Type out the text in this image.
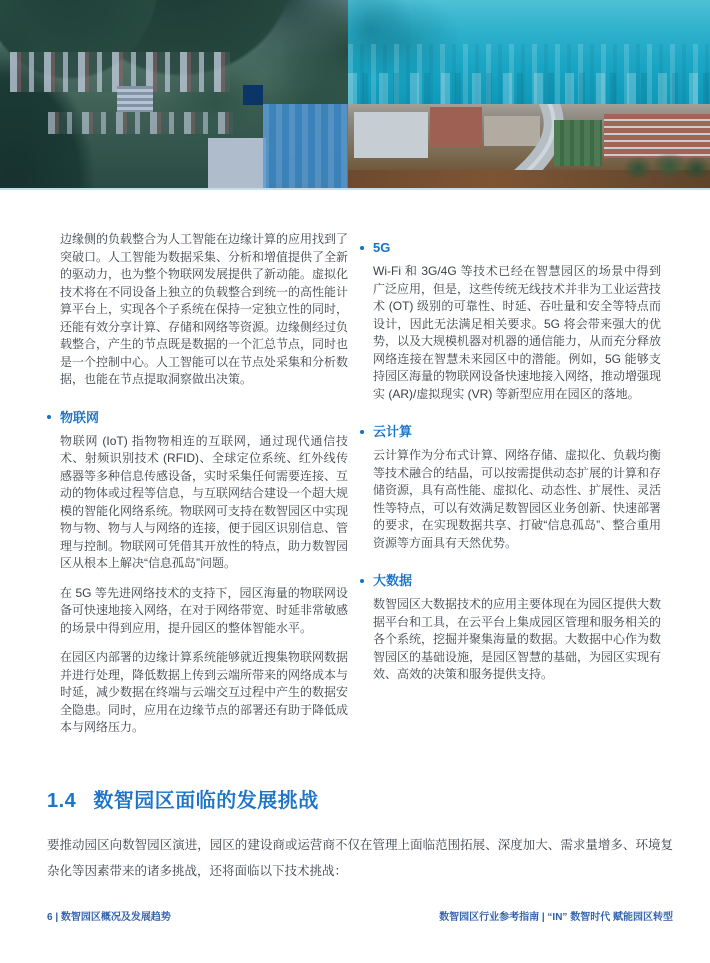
边缘侧的负载整合为人工智能在边缘计算的应用找到了突破口。人工智能为数据采集、分析和增值提供了全新的驱动力，也为整个物联网发展提供了新动能。虚拟化技术将在不同设备上独立的负载整合到统一的高性能计算平台上，实现各个子系统在保持一定独立性的同时，还能有效分享计算、存储和网络等资源。边缘侧经过负载整合，产生的节点既是数据的一个汇总节点，同时也是一个控制中心。人工智能可以在节点处采集和分析数据，也能在节点提取洞察做出决策。

物联网

物联网 (IoT) 指物物相连的互联网，通过现代通信技术、射频识别技术 (RFID)、全球定位系统、红外线传感器等多种信息传感设备，实时采集任何需要连接、互动的物体或过程等信息，与互联网结合建设一个超大规模的智能化网络系统。物联网可支持在数智园区中实现物与物、物与人与网络的连接，便于园区识别信息、管理与控制。物联网可凭借其开放性的特点，助力数智园区从根本上解决“信息孤岛”问题。

在 5G 等先进网络技术的支持下，园区海量的物联网设备可快速地接入网络，在对于网络带宽、时延非常敏感的场景中得到应用，提升园区的整体智能水平。

在园区内部署的边缘计算系统能够就近搜集物联网数据并进行处理，降低数据上传到云端所带来的网络成本与时延，减少数据在终端与云端交互过程中产生的数据安全隐患。同时，应用在边缘节点的部署还有助于降低成本与网络压力。

5G

Wi-Fi 和 3G/4G 等技术已经在智慧园区的场景中得到广泛应用，但是，这些传统无线技术并非为工业运营技术 (OT) 级别的可靠性、时延、吞吐量和安全等特点而设计，因此无法满足相关要求。5G 将会带来强大的优势，以及大规模机器对机器的通信能力，从而充分释放网络连接在智慧未来园区中的潜能。例如，5G 能够支持园区海量的物联网设备快速地接入网络，推动增强现实 (AR)/虚拟现实 (VR) 等新型应用在园区的落地。

云计算

云计算作为分布式计算、网络存储、虚拟化、负载均衡等技术融合的结晶，可以按需提供动态扩展的计算和存储资源，具有高性能、虚拟化、动态性、扩展性、灵活性等特点，可以有效满足数智园区业务创新、快速部署的要求，在实现数据共享、打破“信息孤岛”、整合重用资源等方面具有天然优势。

大数据

数智园区大数据技术的应用主要体现在为园区提供大数据平台和工具，在云平台上集成园区管理和服务相关的各个系统，挖掘并聚集海量的数据。大数据中心作为数智园区的基础设施，是园区智慧的基础，为园区实现有效、高效的决策和服务提供支持。

1.4 数智园区面临的发展挑战

要推动园区向数智园区演进，园区的建设商或运营商不仅在管理上面临范围拓展、深度加大、需求量增多、环境复杂化等因素带来的诸多挑战，还将面临以下技术挑战：

6 | 数智园区概况及发展趋势	数智园区行业参考指南 | “IN” 数智时代 赋能园区转型
